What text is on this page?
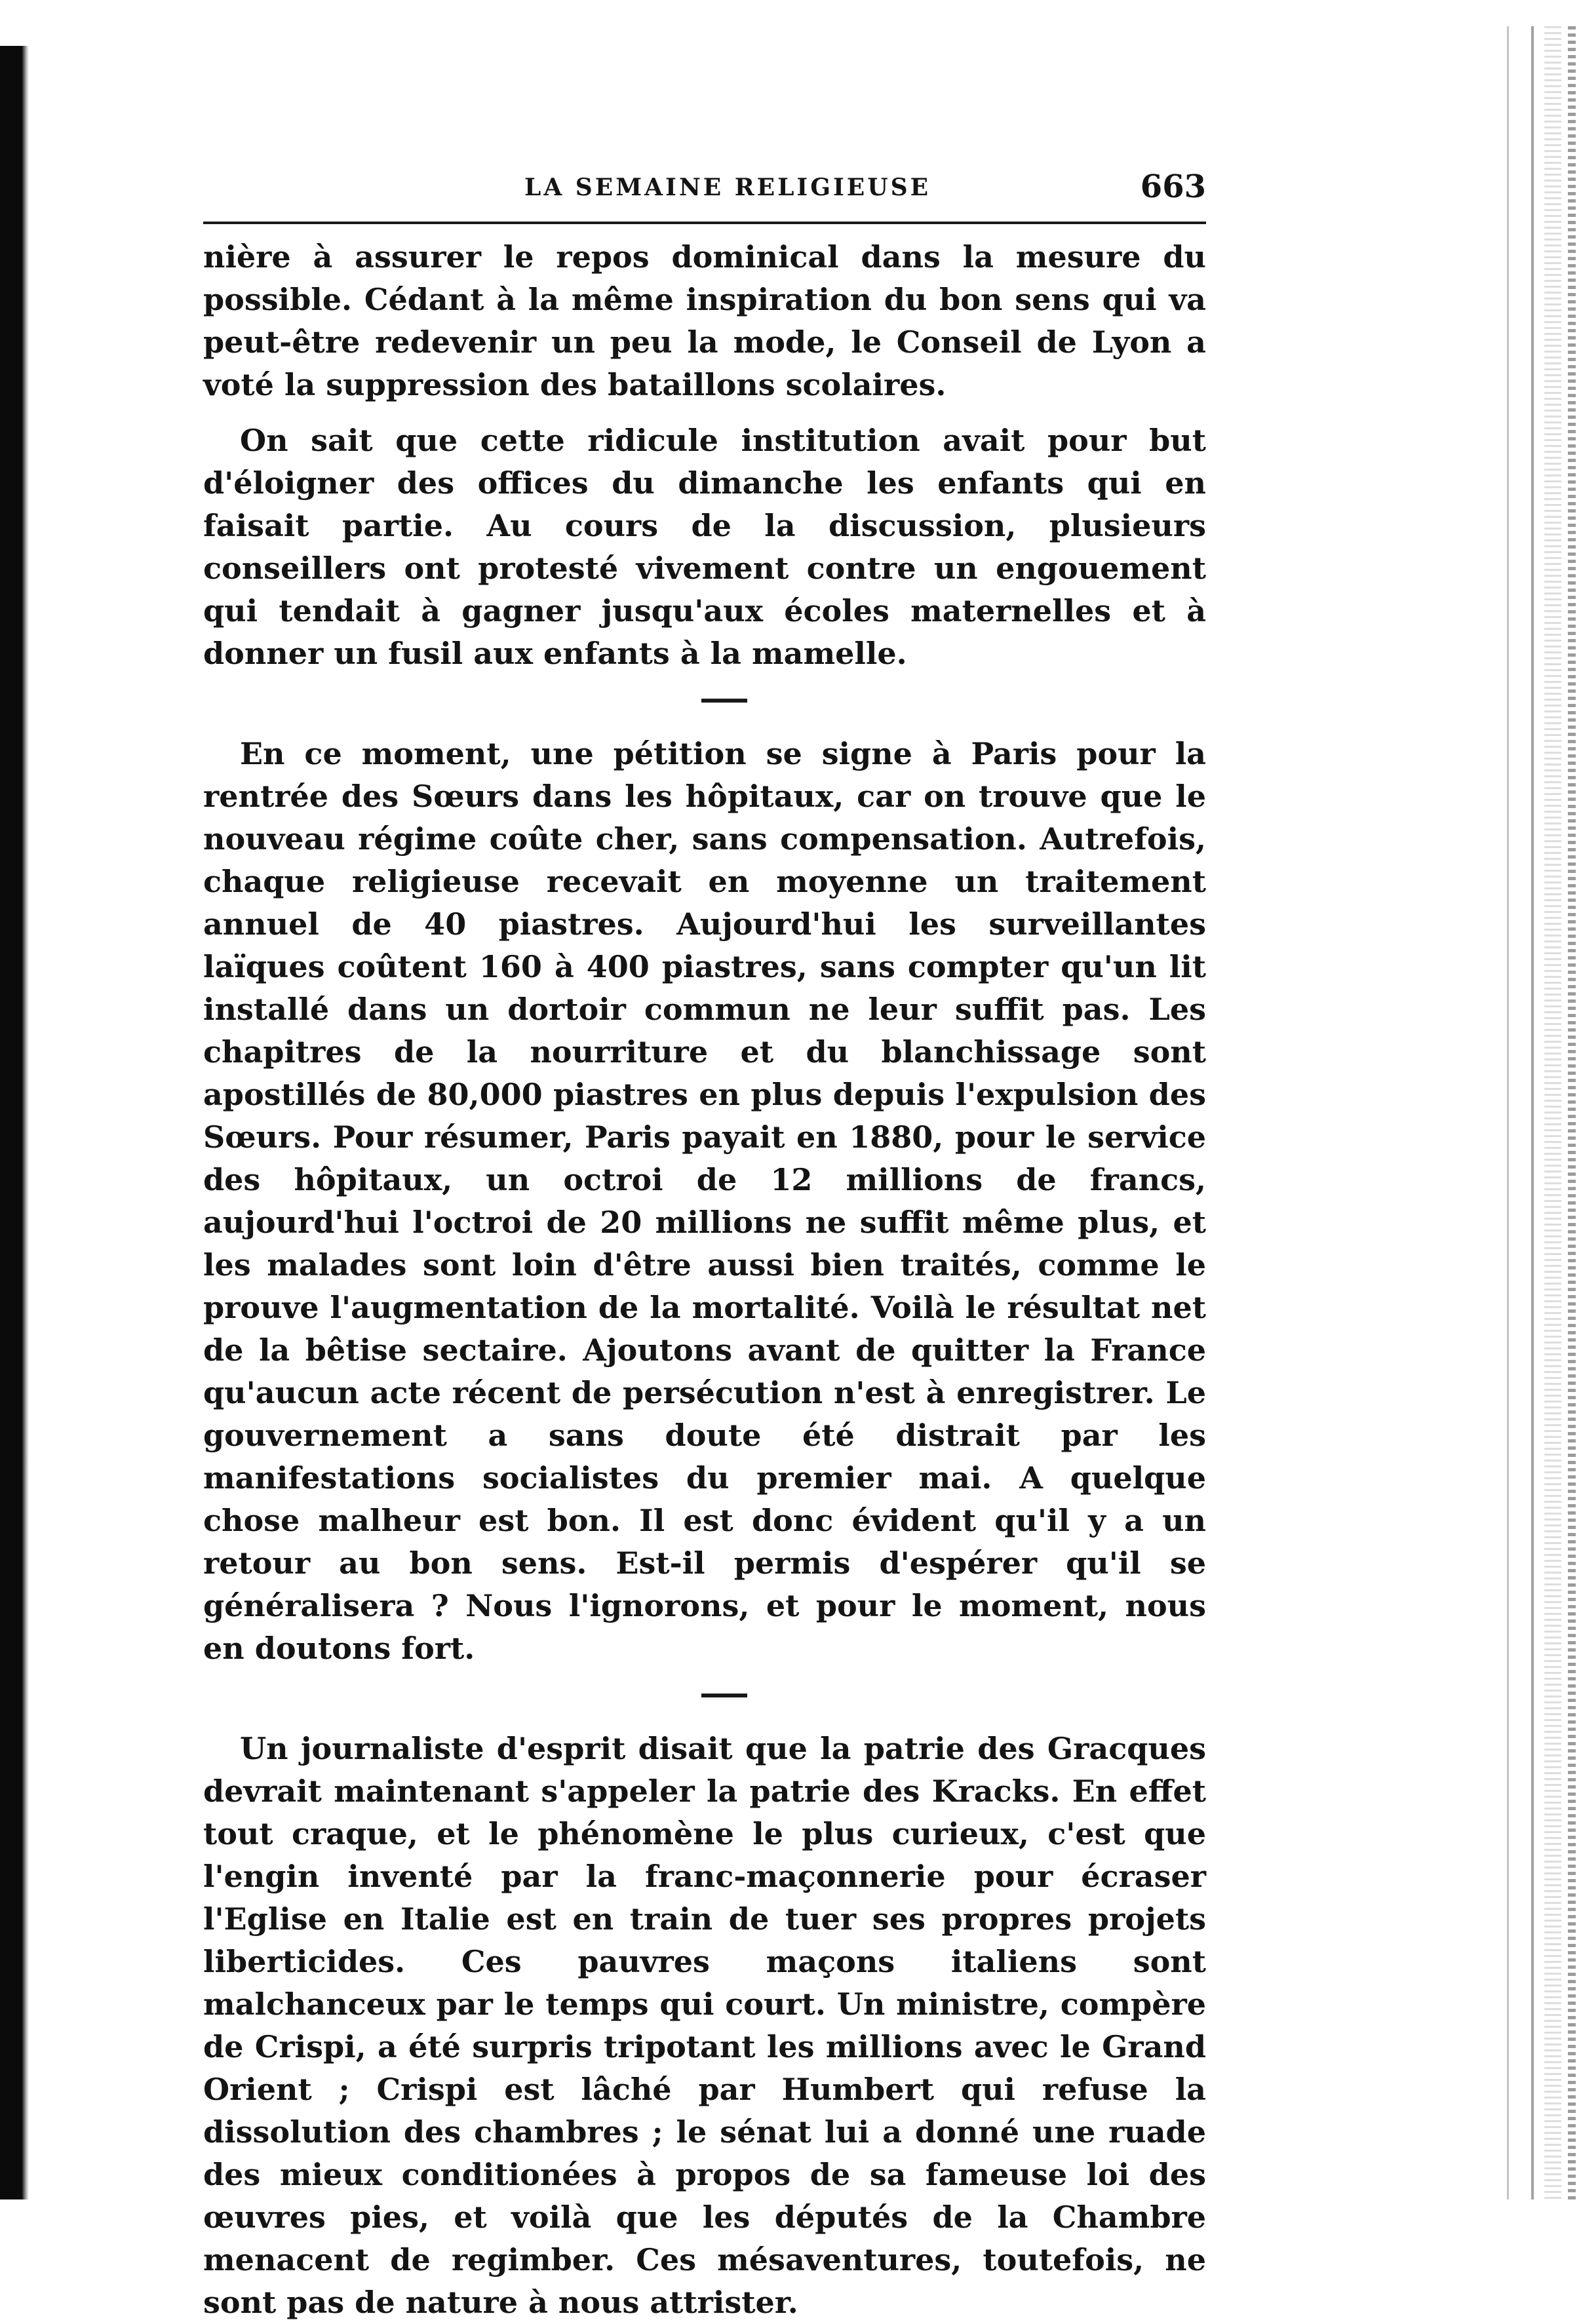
LA SEMAINE RELIGIEUSE	663

nière à assurer le repos dominical dans la mesure du possible. Cédant à la même inspiration du bon sens qui va peut-être redevenir un peu la mode, le Conseil de Lyon a voté la suppression des bataillons scolaires.

On sait que cette ridicule institution avait pour but d'éloigner des offices du dimanche les enfants qui en faisait partie. Au cours de la discussion, plusieurs conseillers ont protesté vivement contre un engouement qui tendait à gagner jusqu'aux écoles maternelles et à donner un fusil aux enfants à la mamelle.

En ce moment, une pétition se signe à Paris pour la rentrée des Sœurs dans les hôpitaux, car on trouve que le nouveau régime coûte cher, sans compensation. Autrefois, chaque religieuse recevait en moyenne un traitement annuel de 40 piastres. Aujourd'hui les surveillantes laïques coûtent 160 à 400 piastres, sans compter qu'un lit installé dans un dortoir commun ne leur suffit pas. Les chapitres de la nourriture et du blanchissage sont apostillés de 80,000 piastres en plus depuis l'expulsion des Sœurs. Pour résumer, Paris payait en 1880, pour le service des hôpitaux, un octroi de 12 millions de francs, aujourd'hui l'octroi de 20 millions ne suffit même plus, et les malades sont loin d'être aussi bien traités, comme le prouve l'augmentation de la mortalité. Voilà le résultat net de la bêtise sectaire. Ajoutons avant de quitter la France qu'aucun acte récent de persécution n'est à enregistrer. Le gouvernement a sans doute été distrait par les manifestations socialistes du premier mai. A quelque chose malheur est bon. Il est donc évident qu'il y a un retour au bon sens. Est-il permis d'espérer qu'il se généralisera ? Nous l'ignorons, et pour le moment, nous en doutons fort.

Un journaliste d'esprit disait que la patrie des Gracques devrait maintenant s'appeler la patrie des Kracks. En effet tout craque, et le phénomène le plus curieux, c'est que l'engin inventé par la franc-maçonnerie pour écraser l'Eglise en Italie est en train de tuer ses propres projets liberticides. Ces pauvres maçons italiens sont malchanceux par le temps qui court. Un ministre, compère de Crispi, a été surpris tripotant les millions avec le Grand Orient ; Crispi est lâché par Humbert qui refuse la dissolution des chambres ; le sénat lui a donné une ruade des mieux conditionées à propos de sa fameuse loi des œuvres pies, et voilà que les députés de la Chambre menacent de regimber. Ces mésaventures, toutefois, ne sont pas de nature à nous attrister.
